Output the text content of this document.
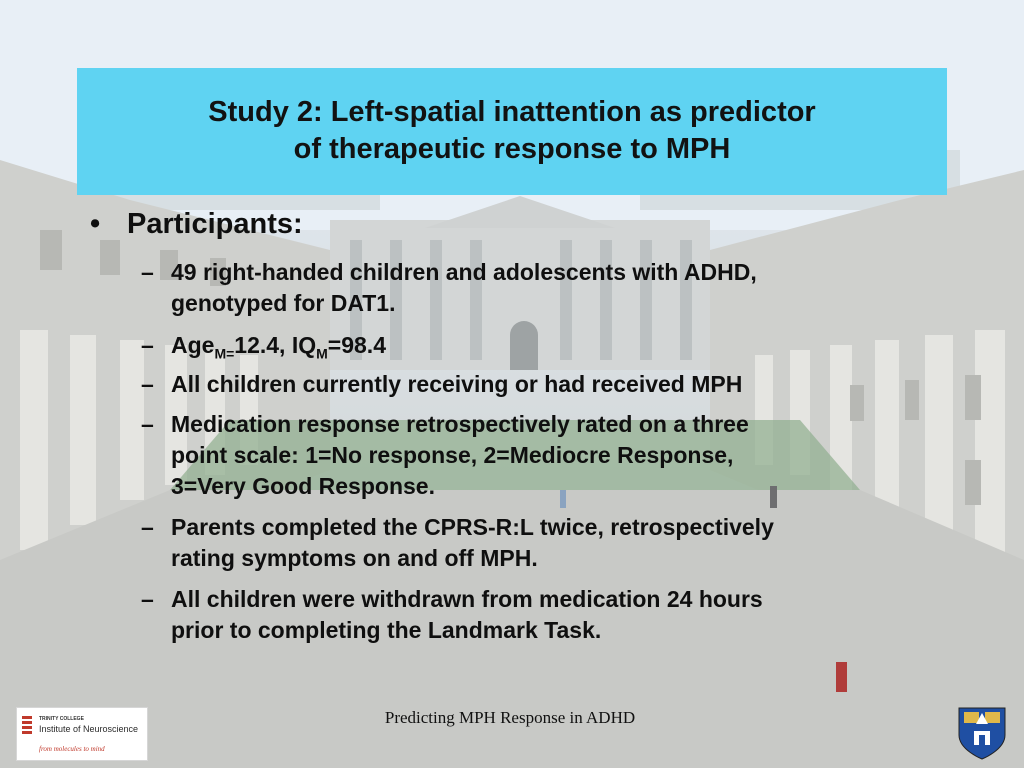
Study 2: Left-spatial inattention as predictor
of therapeutic response to MPH
• Participants:
– 49 right-handed children and adolescents with ADHD,
genotyped for DAT1.
– Age$_{M=}$12.4, $IQ_M=98.4$
– All children currently receiving or had received MPH
– Medication response retrospectively rated on a three
point scale: 1=No response, 2=Mediocre Response,
3=Very Good Response.
– Parents completed the CPRS-R:L twice, retrospectively
rating symptoms on and off MPH.
– All children were withdrawn from medication 24 hours
prior to completing the Landmark Task.
Predicting MPH Response in ADHD
TRINITY COLLEGE
Institute of Neuroscience
from molecules to mind
